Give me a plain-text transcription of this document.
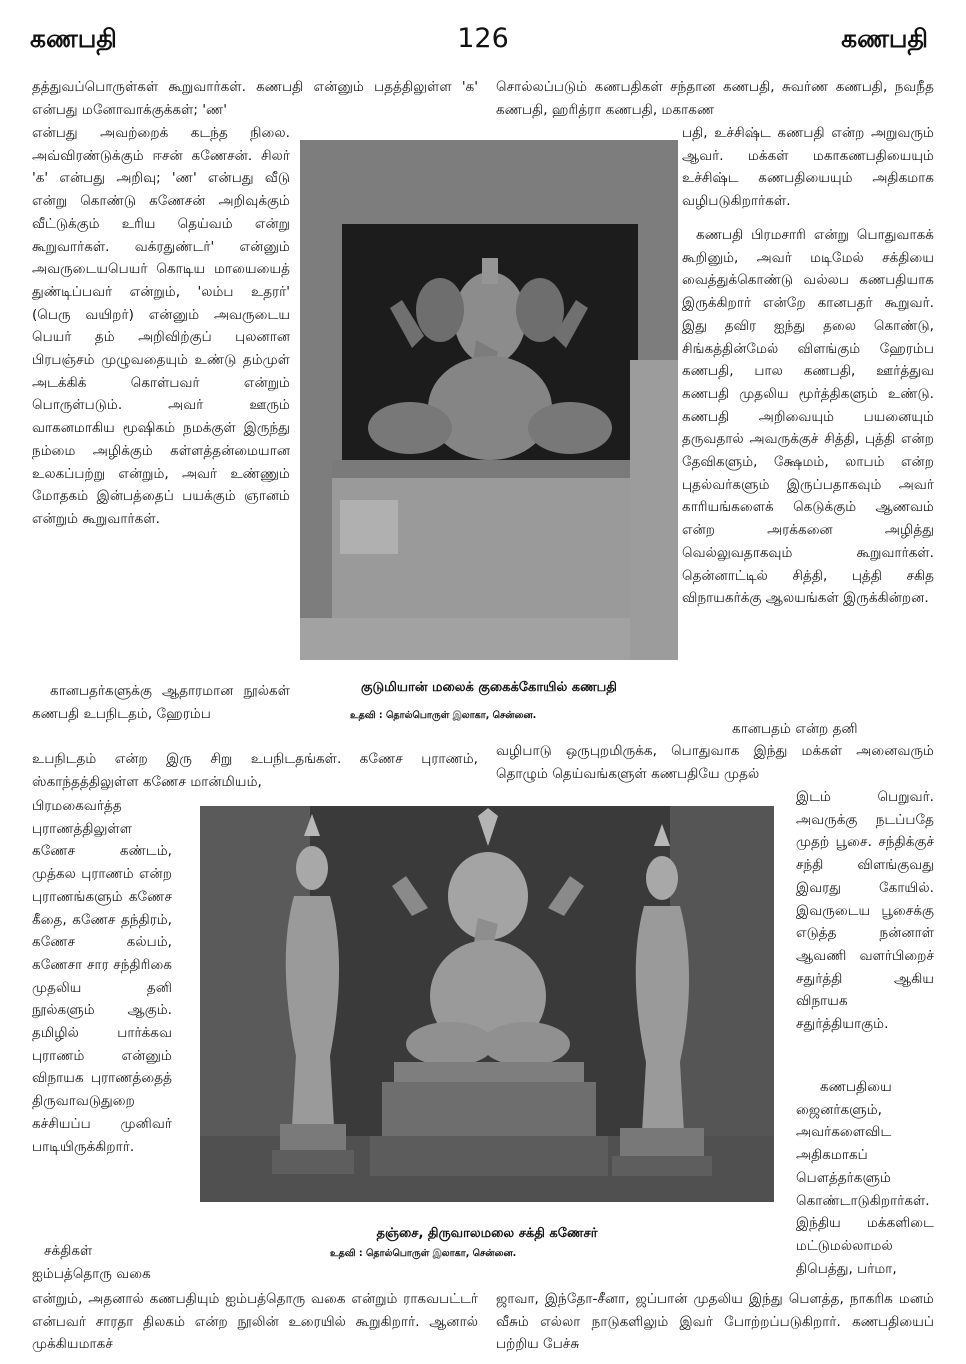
கணபதி	126	கணபதி
தத்துவப்பொருள்கள் கூறுவார்கள். கணபதி என்னும் பதத்திலுள்ள 'க' என்பது மனோவாக்குக்கள்; 'ண'
என்பது அவற்றைக் கடந்த நிலை. அவ்விரண்டுக்கும் ஈசன் கணேசன். சிலர் 'க' என்பது அறிவு; 'ண' என்பது வீடு என்று கொண்டு கணேசன் அறிவுக்கும் வீட்டுக்கும் உரிய தெய்வம் என்று கூறுவார்கள். வக்ரதுண்டர்' என்னும் அவருடையபெயர் கொடிய மாயையைத் துண்டிப்பவர் என்றும், 'லம்ப உதரர்' (பெரு வயிறர்) என்னும் அவருடைய பெயர் தம் அறிவிற்குப் புலனான பிரபஞ்சம் முழுவதையும் உண்டு தம்முள் அடக்கிக் கொள்பவர் என்றும் பொருள்படும். அவர் ஊரும் வாகனமாகிய மூஷிகம் நமக்குள் இருந்து நம்மை அழிக்கும் கள்ளத்தன்மையான உலகப்பற்று என்றும், அவர் உண்ணும் மோதகம் இன்பத்தைப் பயக்கும் ஞானம் என்றும் கூறுவார்கள்.
கானபதர்களுக்கு ஆதாரமான நூல்கள் கணபதி உபநிடதம், ஹேரம்ப
உபநிடதம் என்ற இரு சிறு உபநிடதங்கள். கணேச புராணம், ஸ்காந்தத்திலுள்ள கணேச மான்மியம்,
பிரமகைவர்த்த புராணத்திலுள்ள கணேச கண்டம், முத்கல புராணம் என்ற புராணங்களும் கணேச கீதை, கணேச தந்திரம், கணேச கல்பம், கணேசா சார சந்திரிகை முதலிய தனி நூல்களும் ஆகும். தமிழில் பார்க்கவ புராணம் என்னும் விநாயக புராணத்தைத் திருவாவடுதுறை கச்சியப்ப முனிவர் பாடியிருக்கிறார்.
சக்திகள் ஐம்பத்தொரு வகை
என்றும், அதனால் கணபதியும் ஐம்பத்தொரு வகை என்றும் ராகவபட்டர் என்பவர் சாரதா திலகம் என்ற நூலின் உரையில் கூறுகிறார். ஆனால் முக்கியமாகச்
சொல்லப்படும் கணபதிகள் சந்தான கணபதி, சுவர்ண கணபதி, நவநீத கணபதி, ஹரித்ரா கணபதி, மகாகண
பதி, உச்சிஷ்ட கணபதி என்ற அறுவரும் ஆவர். மக்கள் மகாகணபதியையும் உச்சிஷ்ட கணபதியையும் அதிகமாக வழிபடுகிறார்கள்.
கணபதி பிரமசாரி என்று பொதுவாகக் கூறினும், அவர் மடிமேல் சக்தியை வைத்துக்கொண்டு வல்லப கணபதியாக இருக்கிறார் என்றே கானபதர் கூறுவர். இது தவிர ஐந்து தலை கொண்டு, சிங்கத்தின்மேல் விளங்கும் ஹேரம்ப கணபதி, பால கணபதி, ஊர்த்துவ கணபதி முதலிய மூர்த்திகளும் உண்டு. கணபதி அறிவையும் பயனையும் தருவதால் அவருக்குச் சித்தி, புத்தி என்ற தேவிகளும், க்ஷேமம், லாபம் என்ற புதல்வர்களும் இருப்பதாகவும் அவர் காரியங்களைக் கெடுக்கும் ஆணவம் என்ற அரக்கனை அழித்து வெல்லுவதாகவும் கூறுவார்கள். தென்னாட்டில் சித்தி, புத்தி சகித விநாயகர்க்கு ஆலயங்கள் இருக்கின்றன.
கானபதம் என்ற தனி
வழிபாடு ஒருபுறமிருக்க, பொதுவாக இந்து மக்கள் அனைவரும் தொழும் தெய்வங்களுள் கணபதியே முதல்
இடம் பெறுவர். அவருக்கு நடப்பதே முதற் பூசை. சந்திக்குச் சந்தி விளங்குவது இவரது கோயில். இவருடைய பூசைக்கு எடுத்த நன்னாள் ஆவணி வளர்பிறைச் சதுர்த்தி ஆகிய விநாயக சதுர்த்தியாகும்.
கணபதியை ஜைனர்களும், அவர்களைவிட அதிகமாகப் பௌத்தர்களும் கொண்டாடுகிறார்கள். இந்திய மக்களிடை மட்டுமல்லாமல் திபெத்து, பர்மா,
ஜாவா, இந்தோ-சீனா, ஜப்பான் முதலிய இந்து பௌத்த, நாகரிக மனம் வீசும் எல்லா நாடுகளிலும் இவர் போற்றப்படுகிறார். கணபதியைப் பற்றிய பேச்சு
குடுமியான் மலைக் குகைக்கோயில் கணபதி
உதவி : தொல்பொருள் இலாகா, சென்னை.
தஞ்சை, திருவாலமலை சக்தி கணேசர்
உதவி : தொல்பொருள் இலாகா, சென்னை.
